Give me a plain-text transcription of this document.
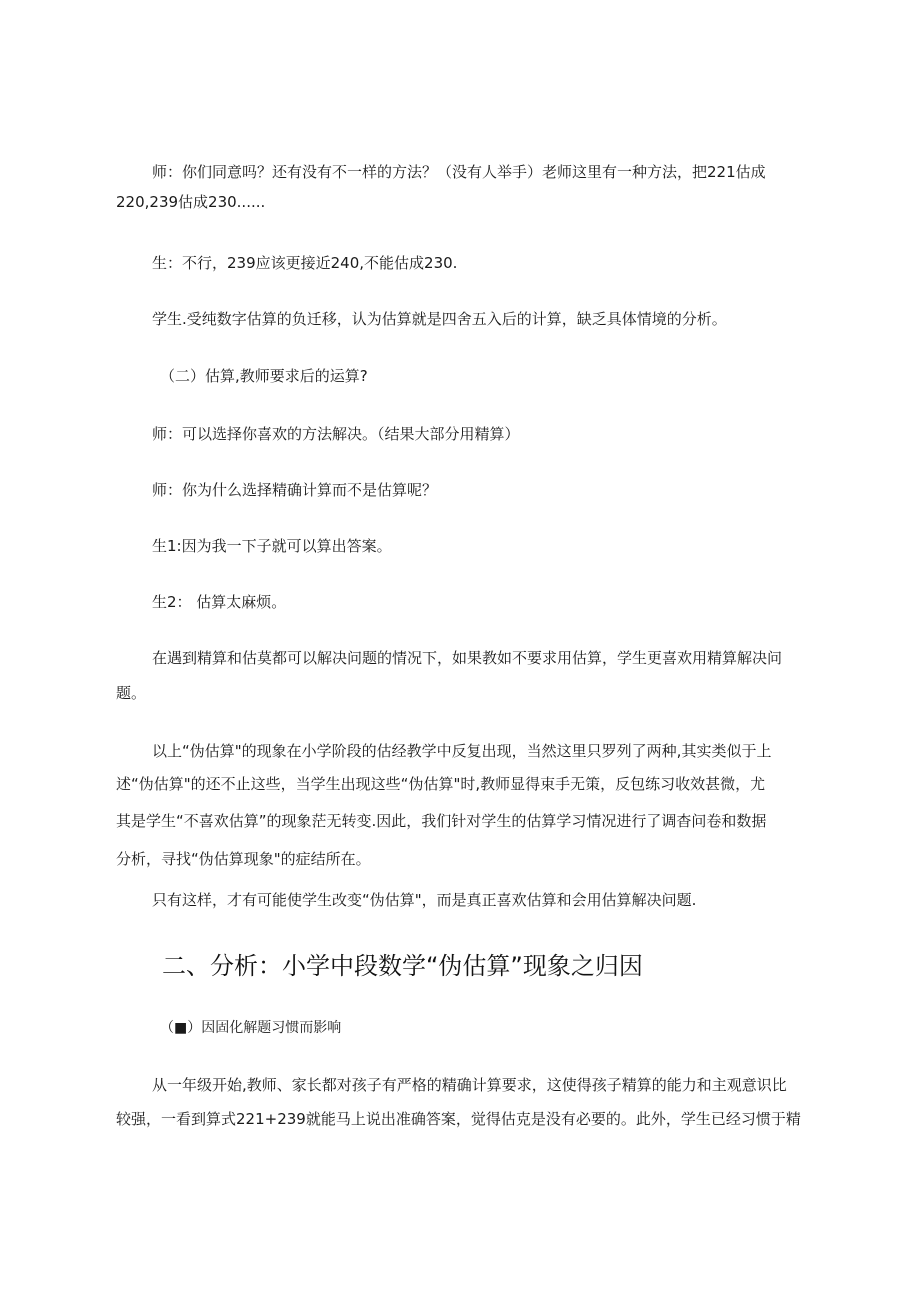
师：你们同意吗？还有没有不一样的方法？（没有人举手）老师这里有一种方法，把221估成
220,239估成230......
生：不行，239应该更接近240,不能估成230.
学生.受纯数字估算的负迁移，认为估算就是四舍五入后的计算，缺乏具体情境的分析。
（二）估算,教师要求后的运算?
师：可以选择你喜欢的方法解决。（结果大部分用精算）
师：你为什么选择精确计算而不是估算呢？
生1:因为我一下子就可以算出答案。
生2： 估算太麻烦。
在遇到精算和估莫都可以解决问题的情况下，如果教如不要求用估算，学生更喜欢用精算解决问
题。
以上“伪估算"的现象在小学阶段的估经教学中反复出现，当然这里只罗列了两种,其实类似于上
述“伪估算"的还不止这些，当学生出现这些“伪估算"时,教师显得束手无策，反包练习收效甚微，尤
其是学生“不喜欢估算”的现象茫无转变.因此，我们针对学生的估算学习情况进行了调杳问卷和数据
分析，寻找“伪估算现象"的症结所在。
只有这样，才有可能使学生改变“伪估算"，而是真正喜欢估算和会用估算解决问题.
二、分析：小学中段数学“伪估算”现象之归因
（■）因固化解题习惯而影响
从一年级开始,教师、家长都对孩子有严格的精确计算要求，这使得孩子精算的能力和主观意识比
较强，一看到算式221+239就能马上说出准确答案，觉得估克是没有必要的。此外，学生已经习惯于精
